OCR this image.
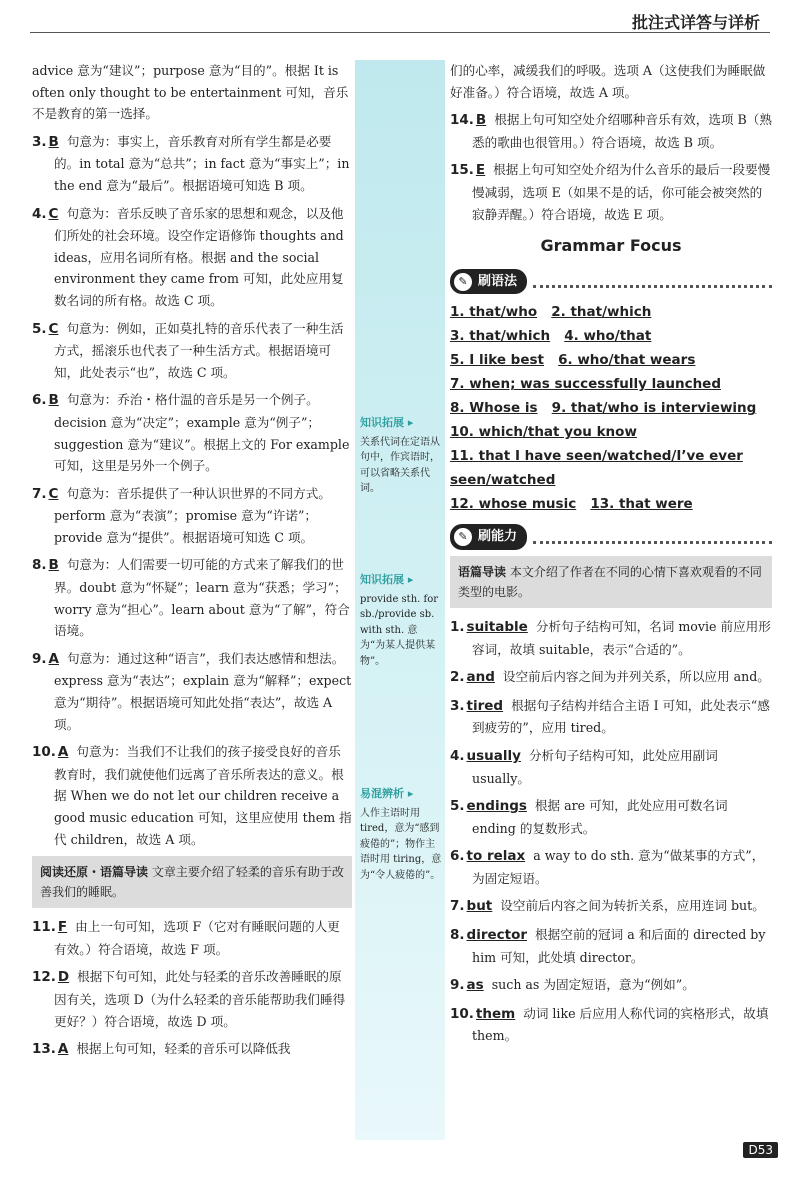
批注式详答与详析
知识拓展 ▸
关系代词在定语从句中，作宾语时，可以省略关系代词。
知识拓展 ▸
provide sth. for sb./provide sb. with sth. 意为“为某人提供某物”。
易混辨析 ▸
人作主语时用 tired，意为“感到疲倦的”；物作主语时用 tiring，意为“令人疲倦的”。

advice 意为“建议”；purpose 意为“目的”。根据 It is often only thought to be entertainment 可知，音乐不是教育的第一选择。

3. B 句意为：事实上，音乐教育对所有学生都是必要的。in total 意为“总共”；in fact 意为“事实上”；in the end 意为“最后”。根据语境可知选 B 项。

4. C 句意为：音乐反映了音乐家的思想和观念，以及他们所处的社会环境。设空作定语修饰 thoughts and ideas，应用名词所有格。根据 and the social environment they came from 可知，此处应用复数名词的所有格。故选 C 项。

5. C 句意为：例如，正如莫扎特的音乐代表了一种生活方式，摇滚乐也代表了一种生活方式。根据语境可知，此处表示“也”，故选 C 项。

6. B 句意为：乔治・格什温的音乐是另一个例子。decision 意为“决定”；example 意为“例子”；suggestion 意为“建议”。根据上文的 For example 可知，这里是另外一个例子。

7. C 句意为：音乐提供了一种认识世界的不同方式。perform 意为“表演”；promise 意为“许诺”；provide 意为“提供”。根据语境可知选 C 项。

8. B 句意为：人们需要一切可能的方式来了解我们的世界。doubt 意为“怀疑”；learn 意为“获悉；学习”；worry 意为“担心”。learn about 意为“了解”，符合语境。

9. A 句意为：通过这种“语言”，我们表达感情和想法。express 意为“表达”；explain 意为“解释”；expect 意为“期待”。根据语境可知此处指“表达”，故选 A 项。

10. A 句意为：当我们不让我们的孩子接受良好的音乐教育时，我们就使他们远离了音乐所表达的意义。根据 When we do not let our children receive a good music education 可知，这里应使用 them 指代 children，故选 A 项。

阅读还原・语篇导读 文章主要介绍了轻柔的音乐有助于改善我们的睡眠。

11. F 由上一句可知，选项 F（它对有睡眠问题的人更有效。）符合语境，故选 F 项。

12. D 根据下句可知，此处与轻柔的音乐改善睡眠的原因有关，选项 D（为什么轻柔的音乐能帮助我们睡得更好？）符合语境，故选 D 项。

13. A 根据上句可知，轻柔的音乐可以降低我

们的心率，减缓我们的呼吸。选项 A（这使我们为睡眠做好准备。）符合语境，故选 A 项。

14. B 根据上句可知空处介绍哪种音乐有效，选项 B（熟悉的歌曲也很管用。）符合语境，故选 B 项。

15. E 根据上句可知空处介绍为什么音乐的最后一段要慢慢减弱，选项 E（如果不是的话，你可能会被突然的寂静弄醒。）符合语境，故选 E 项。

Grammar Focus
✎ 刷语法
1. that/who 2. that/which
3. that/which 4. who/that
5. I like best 6. who/that wears
7. when; was successfully launched
8. Whose is 9. that/who is interviewing
10. which/that you know
11. that I have seen/watched/I’ve ever seen/watched
12. whose music 13. that were
✎ 刷能力
语篇导读 本文介绍了作者在不同的心情下喜欢观看的不同类型的电影。

1. suitable 分析句子结构可知，名词 movie 前应用形容词，故填 suitable，表示“合适的”。

2. and 设空前后内容之间为并列关系，所以应用 and。

3. tired 根据句子结构并结合主语 I 可知，此处表示“感到疲劳的”，应用 tired。

4. usually 分析句子结构可知，此处应用副词 usually。

5. endings 根据 are 可知，此处应用可数名词 ending 的复数形式。

6. to relax a way to do sth. 意为“做某事的方式”，为固定短语。

7. but 设空前后内容之间为转折关系，应用连词 but。

8. director 根据空前的冠词 a 和后面的 directed by him 可知，此处填 director。

9. as such as 为固定短语，意为“例如”。

10. them 动词 like 后应用人称代词的宾格形式，故填 them。

D53
